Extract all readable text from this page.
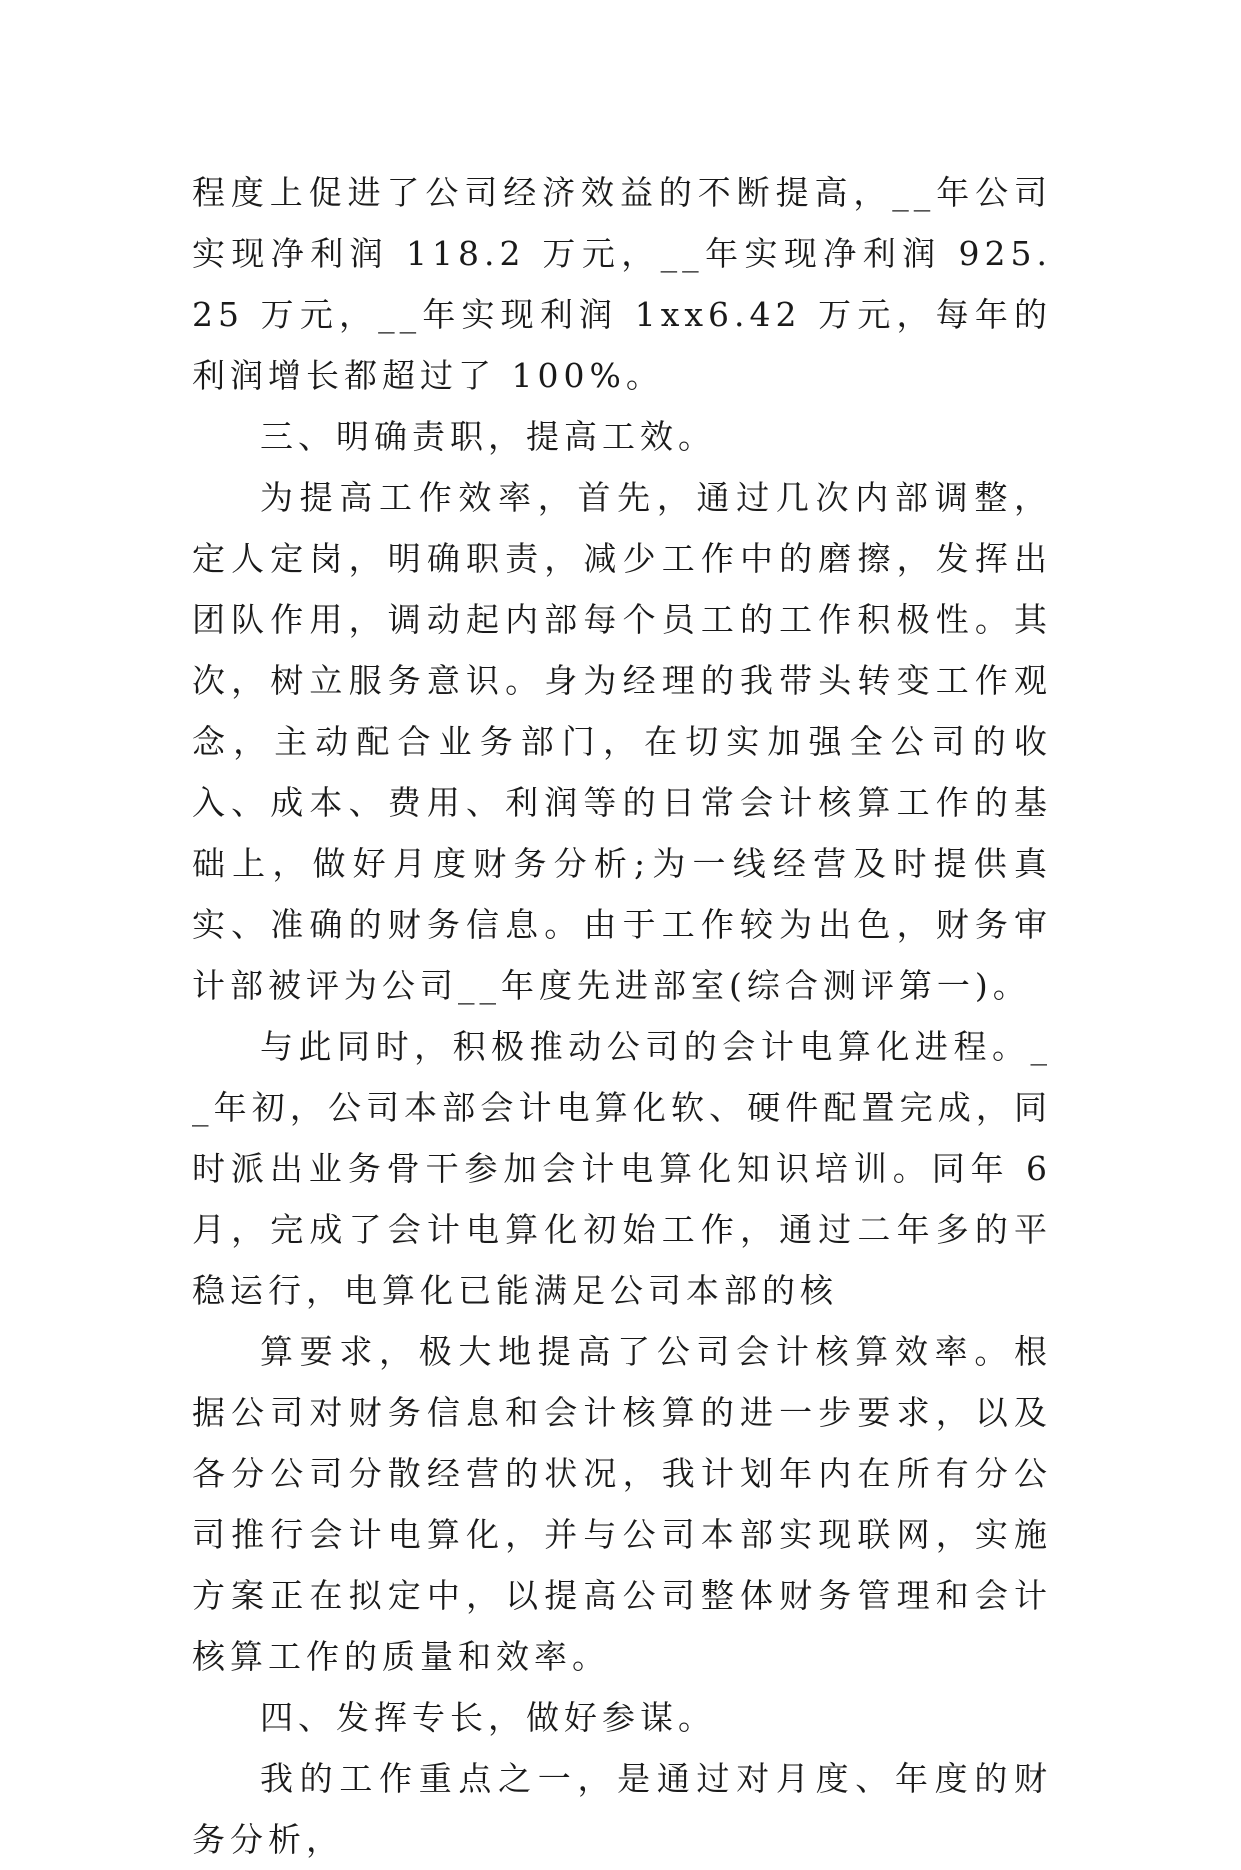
程度上促进了公司经济效益的不断提高，__年公司实现净利润 118.2 万元，__年实现净利润 925.25 万元，__年实现利润 1xx6.42 万元，每年的利润增长都超过了 100%。

三、明确责职，提高工效。

为提高工作效率，首先，通过几次内部调整，定人定岗，明确职责，减少工作中的磨擦，发挥出团队作用，调动起内部每个员工的工作积极性。其次，树立服务意识。身为经理的我带头转变工作观念，主动配合业务部门，在切实加强全公司的收入、成本、费用、利润等的日常会计核算工作的基础上，做好月度财务分析;为一线经营及时提供真实、准确的财务信息。由于工作较为出色，财务审计部被评为公司__年度先进部室(综合测评第一)。

与此同时，积极推动公司的会计电算化进程。__年初，公司本部会计电算化软、硬件配置完成，同时派出业务骨干参加会计电算化知识培训。同年 6 月，完成了会计电算化初始工作，通过二年多的平稳运行，电算化已能满足公司本部的核

算要求，极大地提高了公司会计核算效率。根据公司对财务信息和会计核算的进一步要求，以及各分公司分散经营的状况，我计划年内在所有分公司推行会计电算化，并与公司本部实现联网，实施方案正在拟定中，以提高公司整体财务管理和会计核算工作的质量和效率。

四、发挥专长，做好参谋。

我的工作重点之一，是通过对月度、年度的财务分析，
